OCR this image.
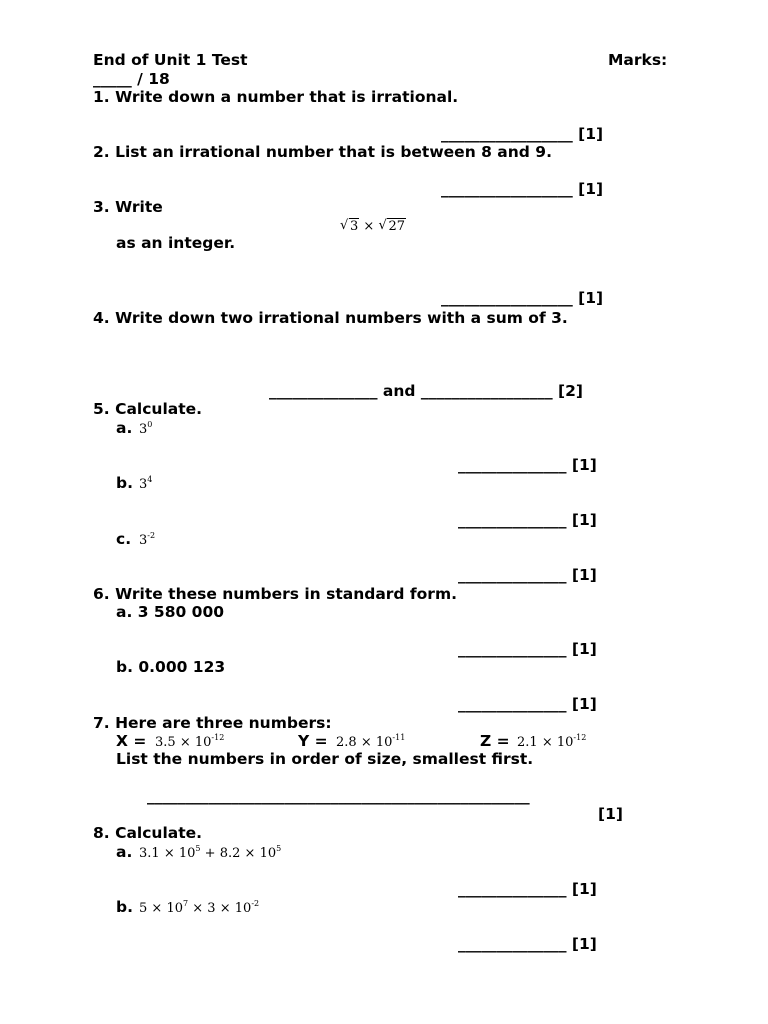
End of Unit 1 Test	Marks:
_____ / 18
1. Write down a number that is irrational.
_________________ [1]
2. List an irrational number that is between 8 and 9.
_________________ [1]
3. Write
√ 3 × √ 27
as an integer.
_________________ [1]
4. Write down two irrational numbers with a sum of 3.
______________ and _________________ [2]
5. Calculate.
a. $3^0$
______________ [1]
b. $3^4$
______________ [1]
c. $3^{-2}$
______________ [1]
6. Write these numbers in standard form.
a. 3 580 000
______________ [1]
b. 0.000 123
______________ [1]
7. Here are three numbers:
$X = 3.5 \times 10^{-12}$	$Y = 2.8 \times 10^{-11}$	$Z = 2.1 \times 10^{-12}$
List the numbers in order of size, smallest first.
__________________________________________________
[1]
8. Calculate.
a. $3.1 \times 10^5 + 8.2 \times 10^5$
______________ [1]
b. $5 \times 10^7 \times 3 \times 10^{-2}$
______________ [1]
